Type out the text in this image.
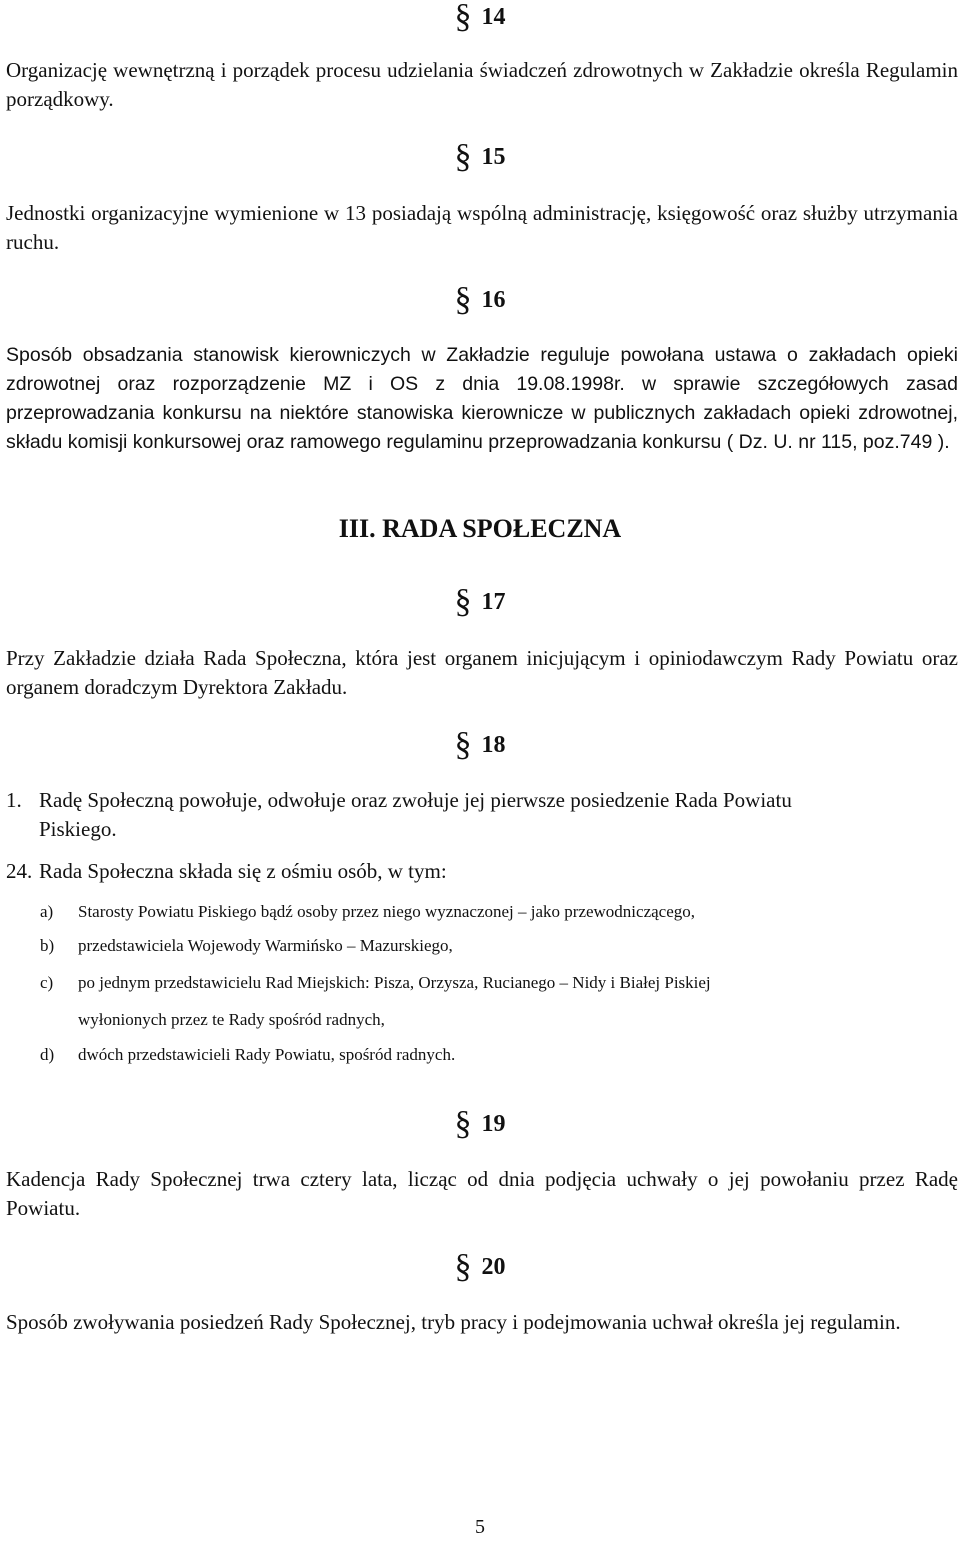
§ 14
Organizację wewnętrzną i porządek procesu udzielania świadczeń zdrowotnych w Zakładzie określa Regulamin porządkowy.
§ 15
Jednostki organizacyjne wymienione w 13 posiadają wspólną administrację, księgowość oraz służby utrzymania ruchu.
§ 16
Sposób obsadzania stanowisk kierowniczych w Zakładzie reguluje powołana ustawa o zakładach opieki zdrowotnej oraz rozporządzenie MZ i OS z dnia 19.08.1998r. w sprawie szczegółowych zasad przeprowadzania konkursu na niektóre stanowiska kierownicze w publicznych zakładach opieki zdrowotnej, składu komisji konkursowej oraz ramowego regulaminu przeprowadzania konkursu ( Dz. U. nr 115, poz.749 ).
III. RADA SPOŁECZNA
§ 17
Przy Zakładzie działa Rada Społeczna, która jest organem inicjującym i opiniodawczym Rady Powiatu oraz organem doradczym Dyrektora Zakładu.
§ 18
1. Radę Społeczną powołuje, odwołuje oraz zwołuje jej pierwsze posiedzenie Rada Powiatu
Piskiego.
24. Rada Społeczna składa się z ośmiu osób, w tym:
a) Starosty Powiatu Piskiego bądź osoby przez niego wyznaczonej – jako przewodniczącego,
b) przedstawiciela Wojewody Warmińsko – Mazurskiego,
c) po jednym przedstawicielu Rad Miejskich: Pisza, Orzysza, Rucianego – Nidy i Białej Piskiej
wyłonionych przez te Rady spośród radnych,
d) dwóch przedstawicieli Rady Powiatu, spośród radnych.
§ 19
Kadencja Rady Społecznej trwa cztery lata, licząc od dnia podjęcia uchwały o jej powołaniu przez Radę Powiatu.
§ 20
Sposób zwoływania posiedzeń Rady Społecznej, tryb pracy i podejmowania uchwał określa jej regulamin.
5
